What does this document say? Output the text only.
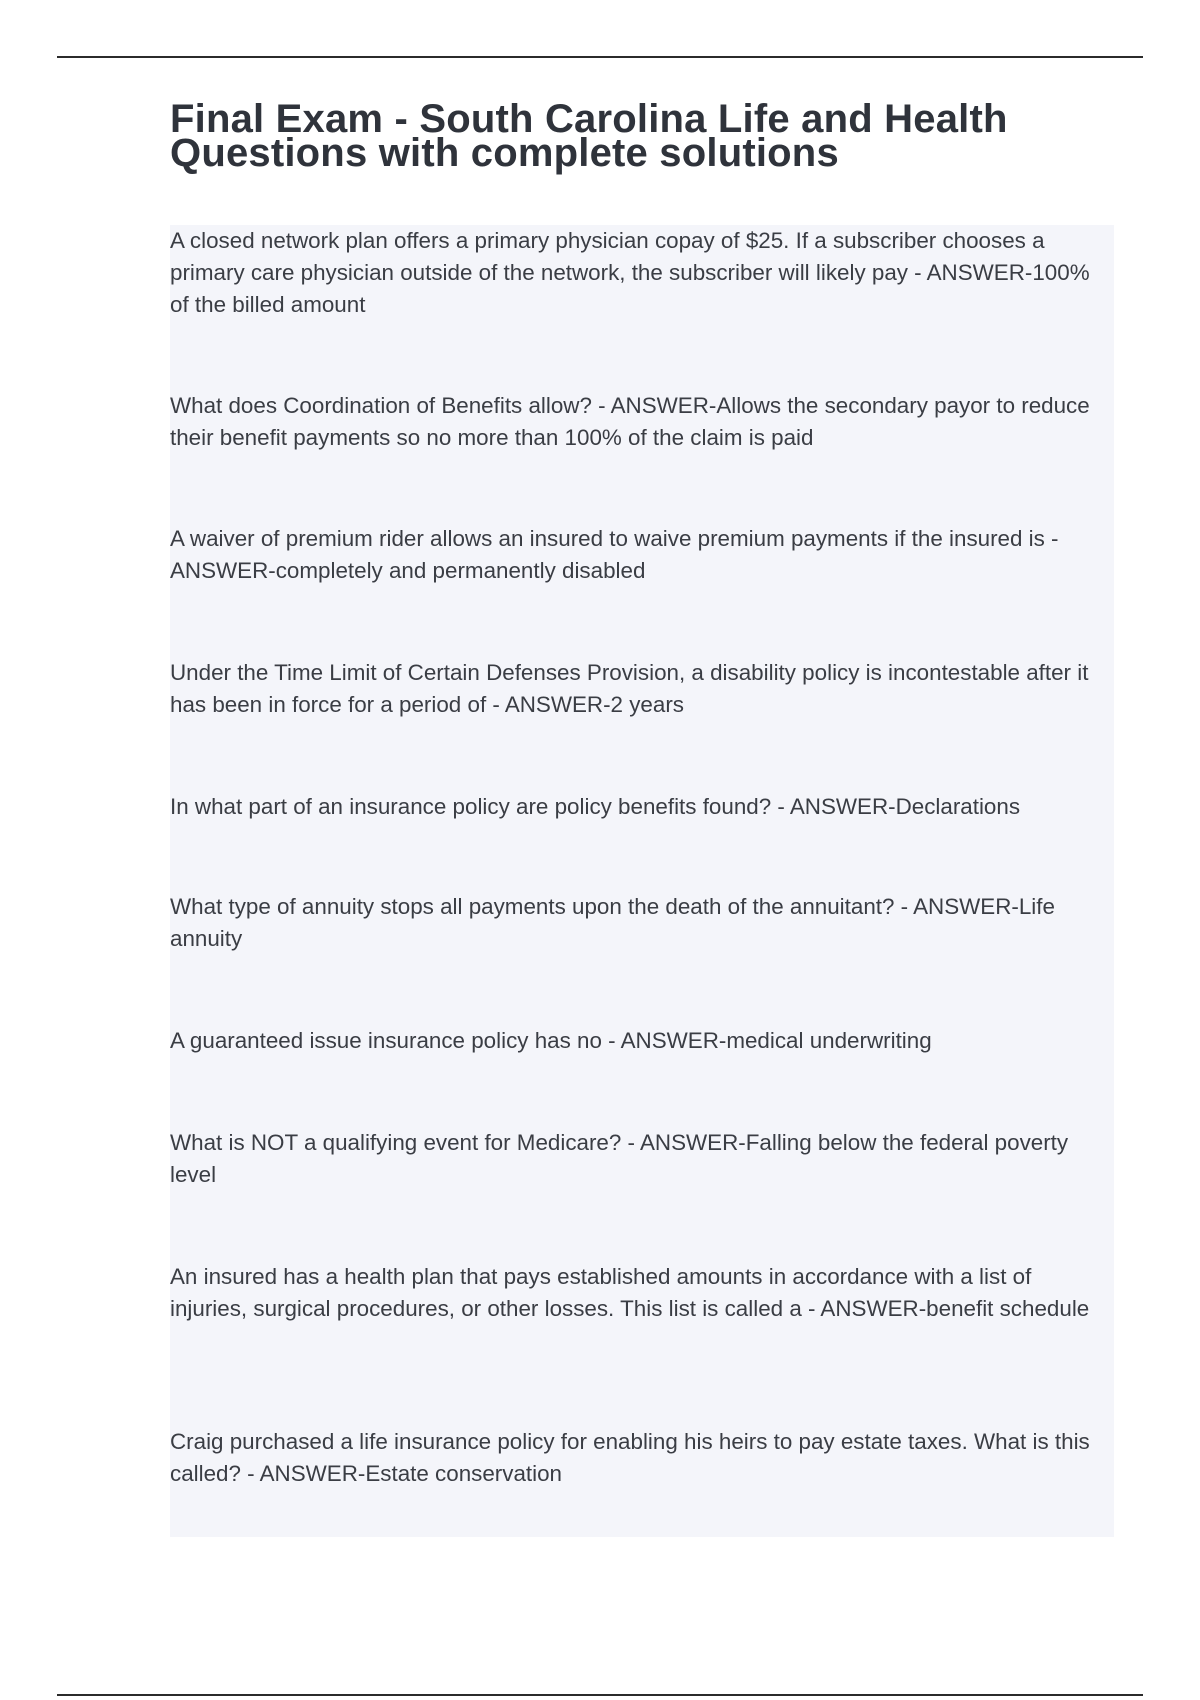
Final Exam - South Carolina Life and Health
Questions with complete solutions

A closed network plan offers a primary physician copay of $25. If a subscriber chooses a primary care physician outside of the network, the subscriber will likely pay - ANSWER-100% of the billed amount

What does Coordination of Benefits allow? - ANSWER-Allows the secondary payor to reduce their benefit payments so no more than 100% of the claim is paid

A waiver of premium rider allows an insured to waive premium payments if the insured is - ANSWER-completely and permanently disabled

Under the Time Limit of Certain Defenses Provision, a disability policy is incontestable after it has been in force for a period of - ANSWER-2 years

In what part of an insurance policy are policy benefits found? - ANSWER-Declarations

What type of annuity stops all payments upon the death of the annuitant? - ANSWER-Life annuity

A guaranteed issue insurance policy has no - ANSWER-medical underwriting

What is NOT a qualifying event for Medicare? - ANSWER-Falling below the federal poverty level

An insured has a health plan that pays established amounts in accordance with a list of injuries, surgical procedures, or other losses. This list is called a - ANSWER-benefit schedule

Craig purchased a life insurance policy for enabling his heirs to pay estate taxes. What is this called? - ANSWER-Estate conservation
